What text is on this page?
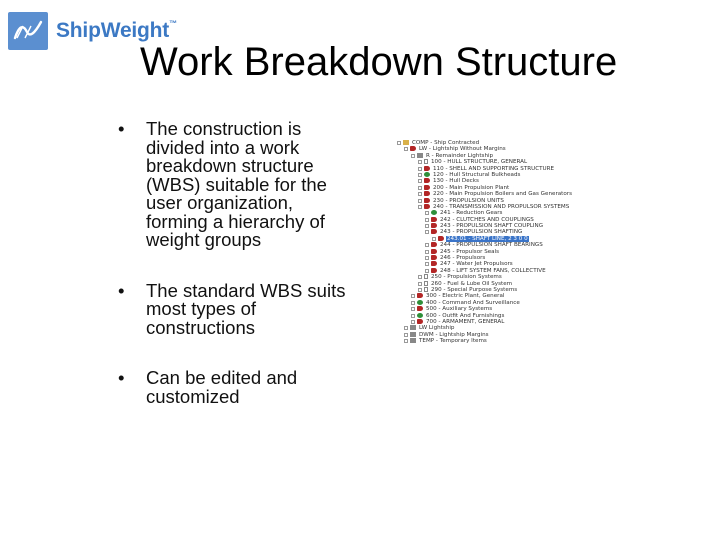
ShipWeight™
Work Breakdown Structure
• The construction is divided into a work breakdown structure (WBS) suitable for the user organization, forming a hierarchy of weight groups
• The standard WBS suits most types of constructions
• Can be edited and customized
COMP - Ship Contracted
LW - Lightship Without Margins
R - Remainder Lightship
100 - HULL STRUCTURE, GENERAL
110 - SHELL AND SUPPORTING STRUCTURE
120 - Hull Structural Bulkheads
130 - Hull Decks
200 - Main Propulsion Plant
220 - Main Propulsion Boilers and Gas Generators
230 - PROPULSION UNITS
240 - TRANSMISSION AND PROPULSOR SYSTEMS
241 - Reduction Gears
242 - CLUTCHES AND COUPLINGS
243 - PROPULSION SHAFT COUPLING
243 - PROPULSION SHAFTING
243.01 - SHAFT LINE, 2 3 0 0
244 - PROPULSION SHAFT BEARINGS
245 - Propulsor Seals
246 - Propulsors
247 - Water Jet Propulsors
248 - LIFT SYSTEM FANS, COLLECTIVE
250 - Propulsion Systems
260 - Fuel & Lube Oil System
290 - Special Purpose Systems
300 - Electric Plant, General
400 - Command And Surveillance
500 - Auxiliary Systems
600 - Outfit And Furnishings
700 - ARMAMENT, GENERAL
LW Lightship
DWM - Lightship Margins
TEMP - Temporary Items
